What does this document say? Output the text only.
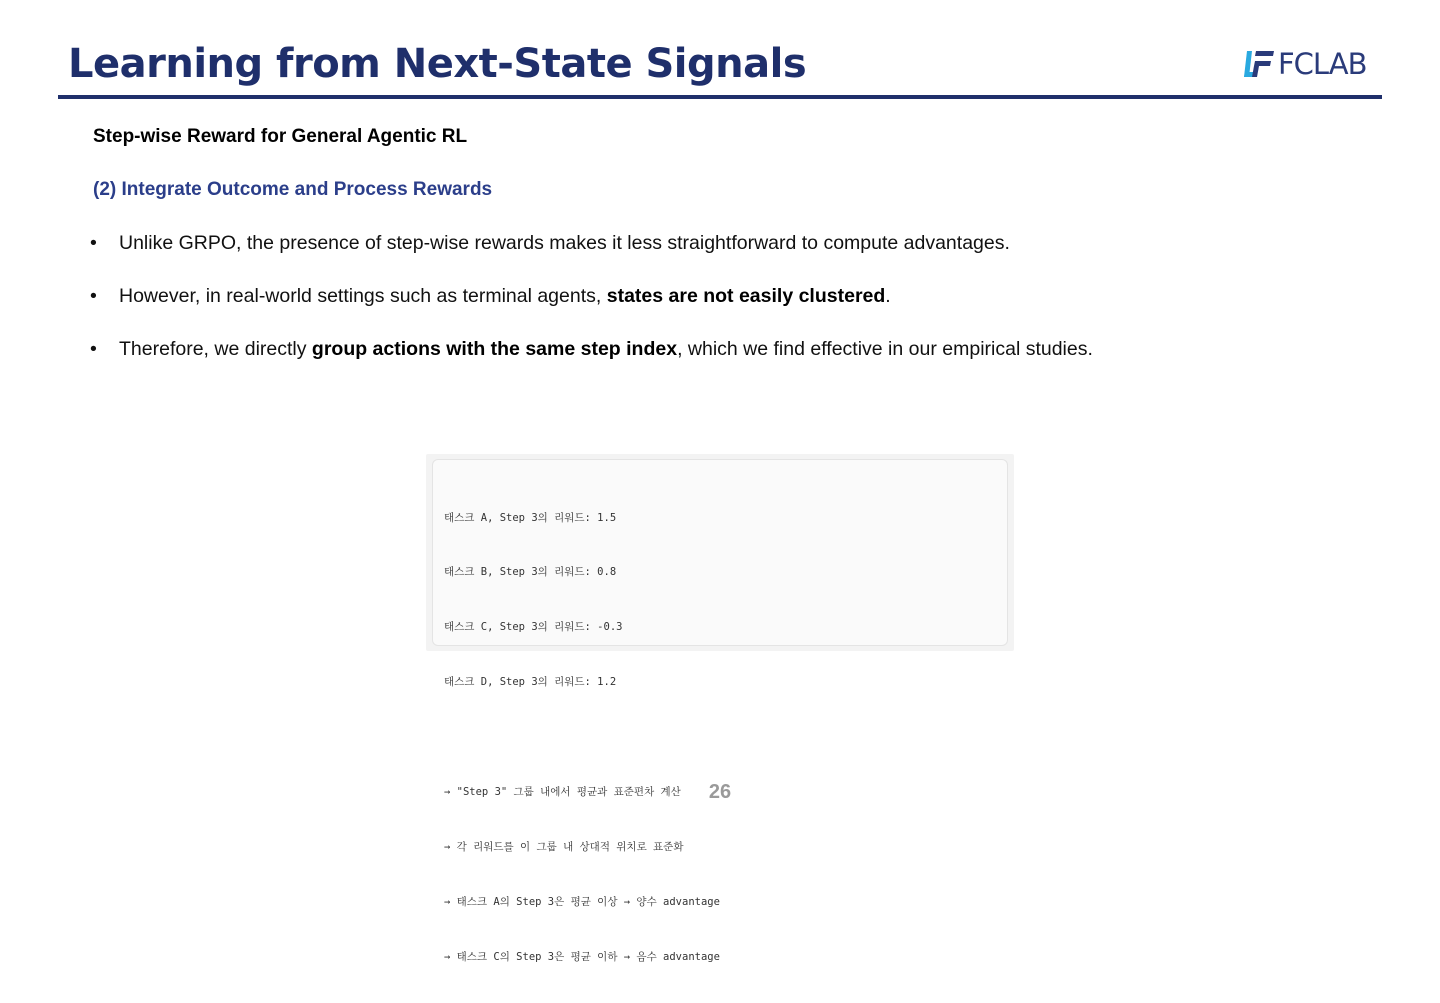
Learning from Next-State Signals	FCLAB
Step-wise Reward for General Agentic RL
(2) Integrate Outcome and Process Rewards
• Unlike GRPO, the presence of step-wise rewards makes it less straightforward to compute advantages.
• However, in real-world settings such as terminal agents, states are not easily clustered.
• Therefore, we directly group actions with the same step index, which we find effective in our empirical studies.

태스크 A, Step 3의 리워드: 1.5

태스크 B, Step 3의 리워드: 0.8

태스크 C, Step 3의 리워드: -0.3

태스크 D, Step 3의 리워드: 1.2

→ "Step 3" 그룹 내에서 평균과 표준편차 계산

→ 각 리워드를 이 그룹 내 상대적 위치로 표준화

→ 태스크 A의 Step 3은 평균 이상 → 양수 advantage

→ 태스크 C의 Step 3은 평균 이하 → 음수 advantage

26
